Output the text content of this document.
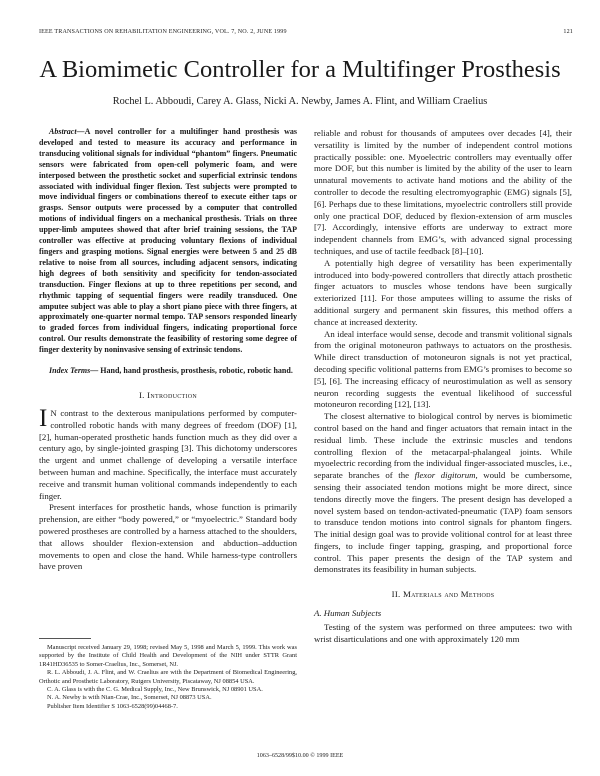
IEEE TRANSACTIONS ON REHABILITATION ENGINEERING, VOL. 7, NO. 2, JUNE 1999	121
A Biomimetic Controller for a Multifinger Prosthesis
Rochel L. Abboudi, Carey A. Glass, Nicki A. Newby, James A. Flint, and William Craelius

Abstract—A novel controller for a multifinger hand prosthesis was developed and tested to measure its accuracy and performance in transducing volitional signals for individual “phantom” fingers. Pneumatic sensors were fabricated from open-cell polymeric foam, and were interposed between the prosthetic socket and superficial extrinsic tendons associated with individual finger flexion. Test subjects were prompted to move individual fingers or combinations thereof to execute either taps or grasps. Sensor outputs were processed by a computer that controlled motions of individual fingers on a mechanical prosthesis. Trials on three upper-limb amputees showed that after brief training sessions, the TAP controller was effective at producing voluntary flexions of individual fingers and grasping motions. Signal energies were between 5 and 25 dB relative to noise from all sources, including adjacent sensors, indicating high degrees of both sensitivity and specificity for tendon-associated transduction. Finger flexions at up to three repetitions per second, and rhythmic tapping of sequential fingers were readily transduced. One amputee subject was able to play a short piano piece with three fingers, at approximately one-quarter normal tempo. TAP sensors responded linearly to graded forces from individual fingers, indicating proportional force control. Our results demonstrate the feasibility of restoring some degree of finger dexterity by noninvasive sensing of extrinsic tendons.

Index Terms— Hand, hand prosthesis, prosthesis, robotic, robotic hand.

I. Introduction

I N contrast to the dexterous manipulations performed by computer-controlled robotic hands with many degrees of freedom (DOF) [1], [2], human-operated prosthetic hands function much as they did over a century ago, by single-jointed grasping [3]. This dichotomy underscores the urgent and unmet challenge of developing a versatile interface between human and machine. Specifically, the interface must accurately receive and transmit human volitional commands independently to each finger.

Present interfaces for prosthetic hands, whose function is primarily prehension, are either “body powered,” or “myoelectric.” Standard body powered prostheses are controlled by a harness attached to the shoulders, that allows shoulder flexion-extension and abduction–adduction movements to open and close the hand. While harness-type controllers have proven

Manuscript received January 29, 1998; revised May 5, 1998 and March 5, 1999. This work was supported by the Institute of Child Health and Development of the NIH under STTR Grant 1R41HD36535 to Somer-Craelius, Inc., Somerset, NJ.

R. L. Abboudi, J. A. Flint, and W. Craelius are with the Department of Biomedical Engineering, Orthotic and Prosthetic Laboratory, Rutgers University, Piscataway, NJ 08854 USA.

C. A. Glass is with the C. G. Medical Supply, Inc., New Brunswick, NJ 08901 USA.

N. A. Newby is with Nian-Crae, Inc., Somerset, NJ 08873 USA.

Publisher Item Identifier S 1063-6528(99)04468-7.

reliable and robust for thousands of amputees over decades [4], their versatility is limited by the number of independent control motions practically possible: one. Myoelectric controllers may eventually offer more DOF, but this number is limited by the ability of the user to learn unnatural movements to activate hand motions and the ability of the controller to decode the resulting electromyographic (EMG) signals [5], [6]. Perhaps due to these limitations, myoelectric controllers still provide only one practical DOF, deduced by flexion-extension of arm muscles [7]. Accordingly, intensive efforts are underway to extract more independent channels from EMG’s, with advanced signal processing techniques, and use of tactile feedback [8]–[10].

A potentially high degree of versatility has been experimentally introduced into body-powered controllers that directly attach prosthetic finger actuators to muscles whose tendons have been surgically exteriorized [11]. For those amputees willing to assume the risks of additional surgery and permanent skin fissures, this method offers a chance at increased dexterity.

An ideal interface would sense, decode and transmit volitional signals from the original motoneuron pathways to actuators on the prosthesis. While direct transduction of motoneuron signals is not yet practical, decoding specific volitional patterns from EMG’s promises to become so [5], [6]. The increasing efficacy of neurostimulation as well as sensory neuron recording suggests the eventual likelihood of successful motoneuron recording [12], [13].

The closest alternative to biological control by nerves is biomimetic control based on the hand and finger actuators that remain intact in the residual limb. These include the extrinsic muscles and tendons controlling flexion of the metacarpal-phalangeal joints. While myoelectric recording from the individual finger-associated muscles, i.e., separate branches of the flexor digitorum, would be cumbersome, sensing their associated tendon motions might be more direct, since tendons directly move the fingers. The present design has developed a novel system based on tendon-activated-pneumatic (TAP) foam sensors to transduce tendon motions into control signals for phantom fingers. The initial design goal was to provide volitional control for at least three fingers, to include finger tapping, grasping, and proportional force control. This paper presents the design of the TAP system and demonstrates its feasibility in human subjects.

II. Materials and Methods
A. Human Subjects

Testing of the system was performed on three amputees: two with wrist disarticulations and one with approximately 120 mm

1063–6528/99$10.00 © 1999 IEEE
